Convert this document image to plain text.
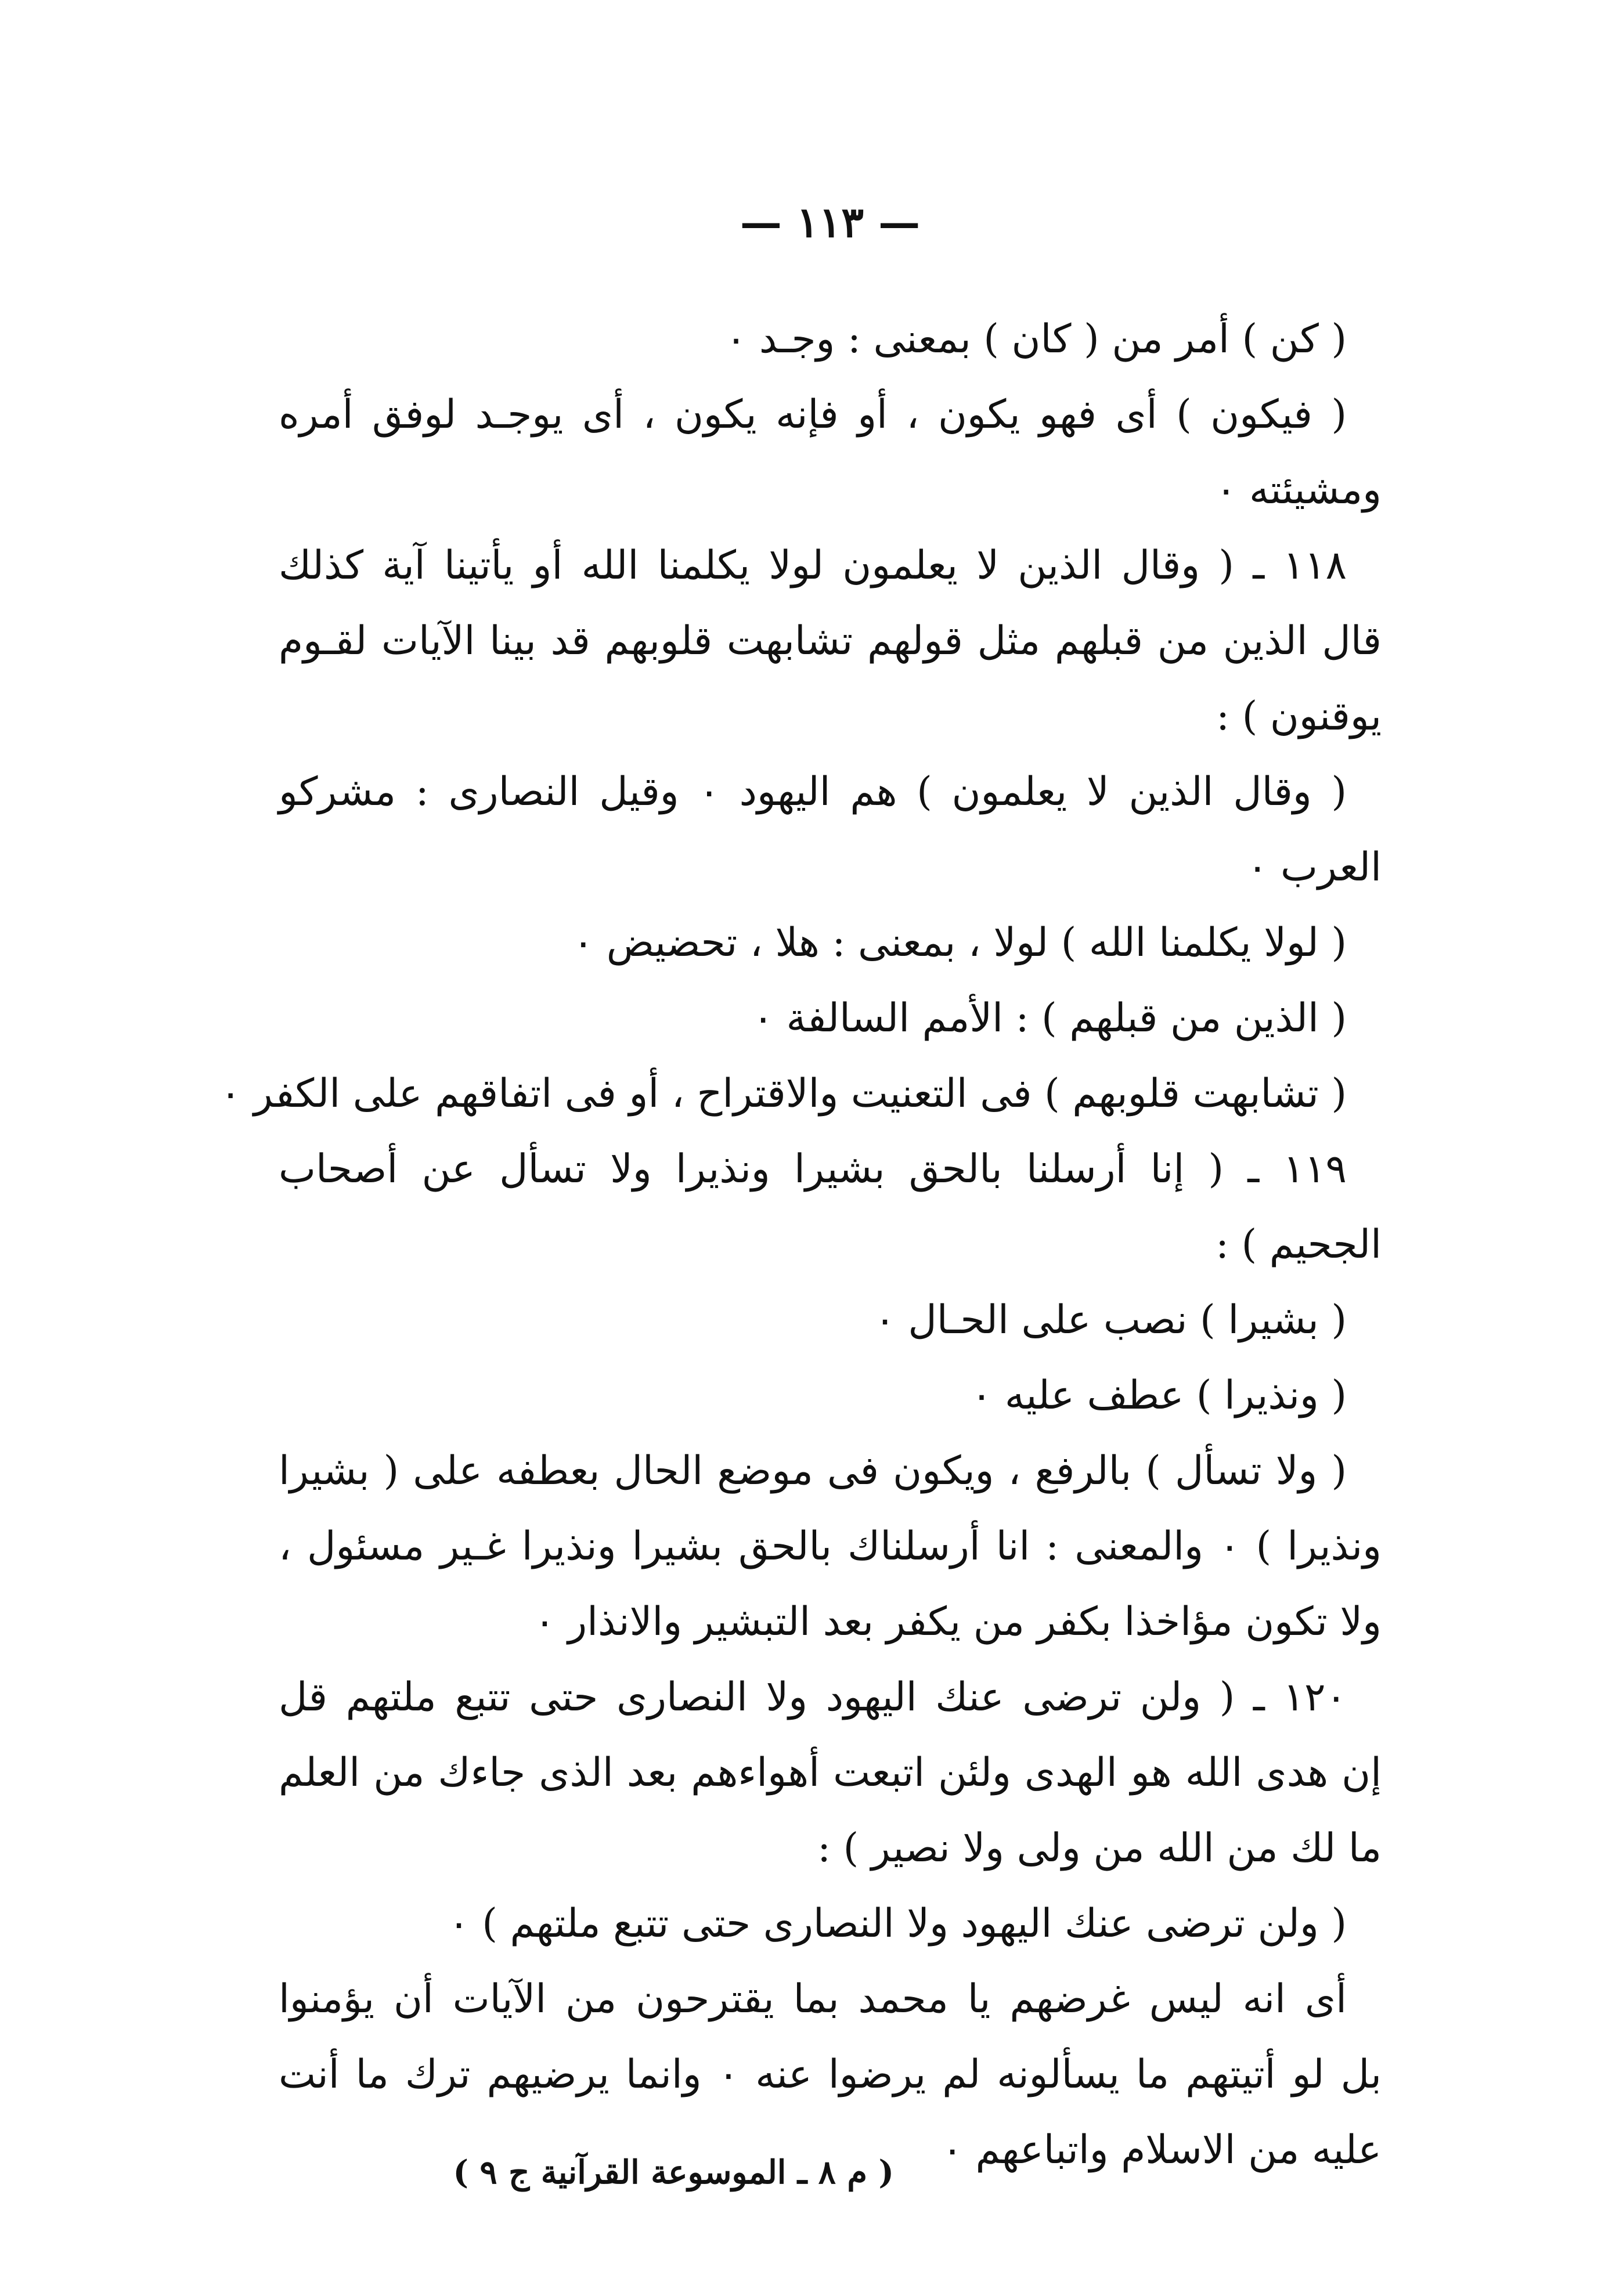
— ١١٣ —
( كن ) أمر من ( كان ) بمعنى : وجـد ٠
( فيكون ) أى فهو يكون ، أو فإنه يكون ، أى يوجـد لوفق أمره
ومشيئته ٠
١١٨ ـ ( وقال الذين لا يعلمون لولا يكلمنا الله أو يأتينا آية كذلك
قال الذين من قبلهم مثل قولهم تشابهت قلوبهم قد بينا الآيات لقـوم
يوقنون ) :
( وقال الذين لا يعلمون ) هم اليهود ٠ وقيل النصارى : مشركو
العرب ٠
( لولا يكلمنا الله ) لولا ، بمعنى : هلا ، تحضيض ٠
( الذين من قبلهم ) : الأمم السالفة ٠
( تشابهت قلوبهم ) فى التعنيت والاقتراح ، أو فى اتفاقهم على الكفر ٠
١١٩ ـ ( إنا أرسلنا بالحق بشيرا ونذيرا ولا تسأل عن أصحاب
الجحيم ) :
( بشيرا ) نصب على الحـال ٠
( ونذيرا ) عطف عليه ٠
( ولا تسأل ) بالرفع ، ويكون فى موضع الحال بعطفه على ( بشيرا
ونذيرا ) ٠ والمعنى : انا أرسلناك بالحق بشيرا ونذيرا غـير مسئول ،
ولا تكون مؤاخذا بكفر من يكفر بعد التبشير والانذار ٠
١٢٠ ـ ( ولن ترضى عنك اليهود ولا النصارى حتى تتبع ملتهم قل
إن هدى الله هو الهدى ولئن اتبعت أهواءهم بعد الذى جاءك من العلم
ما لك من الله من ولى ولا نصير ) :
( ولن ترضى عنك اليهود ولا النصارى حتى تتبع ملتهم ) ٠
أى انه ليس غرضهم يا محمد بما يقترحون من الآيات أن يؤمنوا
بل لو أتيتهم ما يسألونه لم يرضوا عنه ٠ وانما يرضيهم ترك ما أنت
عليه من الاسلام واتباعهم ٠
( م ٨ ـ الموسوعة القرآنية ج ٩ )
